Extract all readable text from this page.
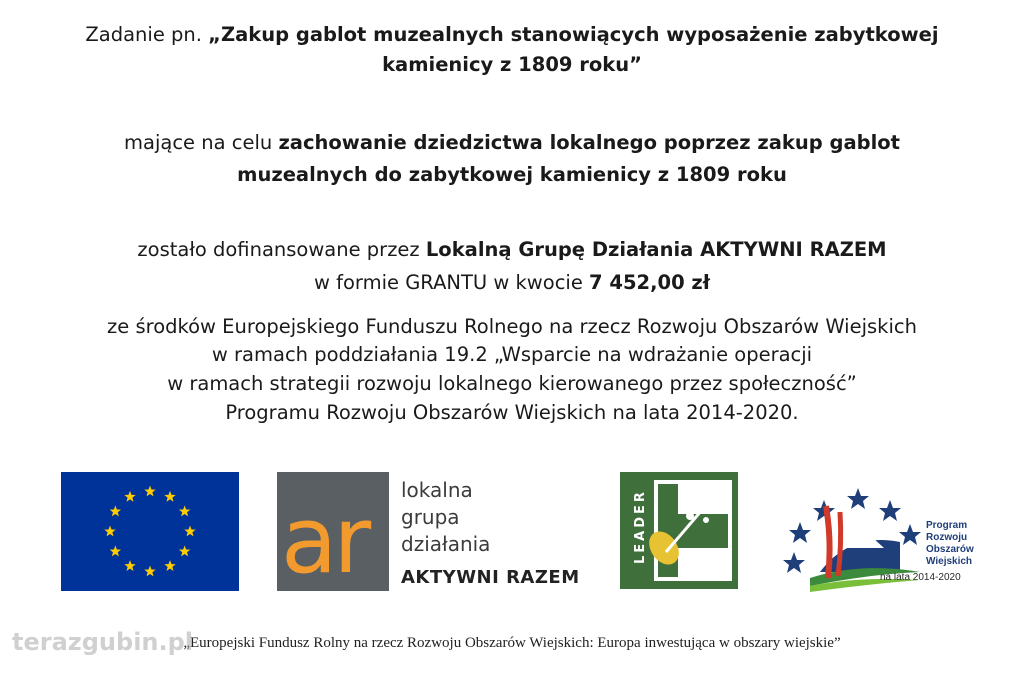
Zadanie pn. „Zakup gablot muzealnych stanowiących wyposażenie zabytkowej
kamienicy z 1809 roku”
mające na celu zachowanie dziedzictwa lokalnego poprzez zakup gablot
muzealnych do zabytkowej kamienicy z 1809 roku
zostało dofinansowane przez Lokalną Grupę Działania AKTYWNI RAZEM
w formie GRANTU w kwocie 7 452,00 zł
ze środków Europejskiego Funduszu Rolnego na rzecz Rozwoju Obszarów Wiejskich
w ramach poddziałania 19.2 „Wsparcie na wdrażanie operacji
w ramach strategii rozwoju lokalnego kierowanego przez społeczność”
Programu Rozwoju Obszarów Wiejskich na lata 2014-2020.
ar lokalna
grupa
działania
AKTYWNI RAZEM
LEADER	Program
Rozwoju
Obszarów
Wiejskich
na lata 2014-2020
„Europejski Fundusz Rolny na rzecz Rozwoju Obszarów Wiejskich: Europa inwestująca w obszary wiejskie”
terazgubin.pl
